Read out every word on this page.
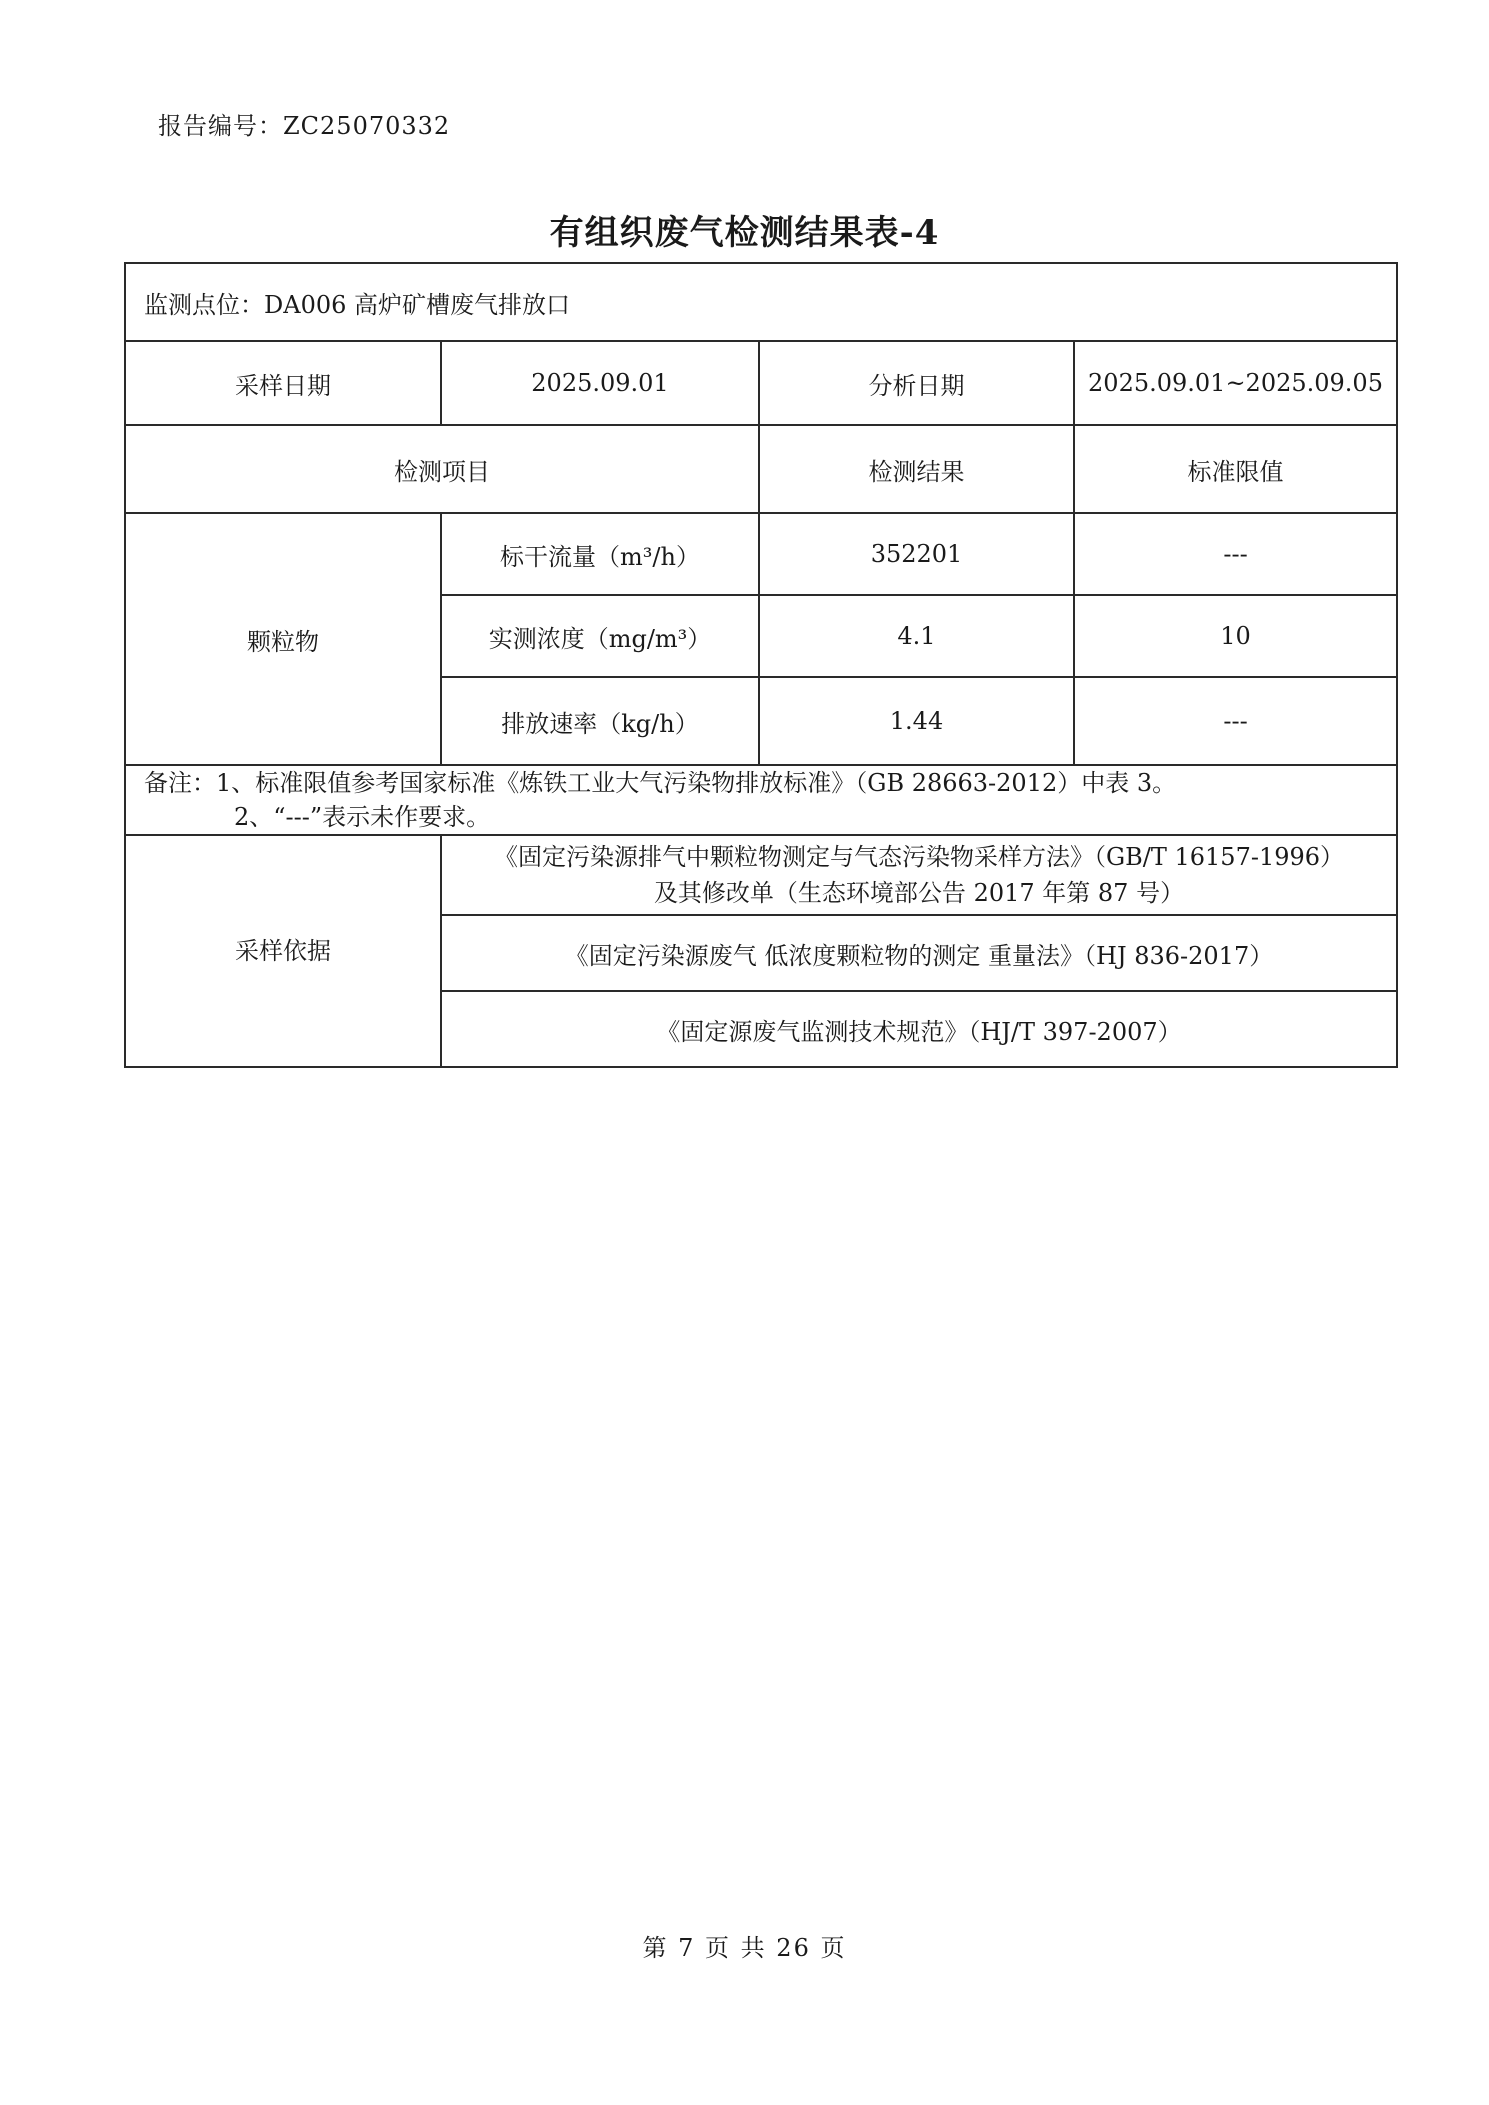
报告编号：ZC25070332
有组织废气检测结果表-4
监测点位：DA006 高炉矿槽废气排放口			
采样日期	2025.09.01	分析日期	2025.09.01~2025.09.05
检测项目		检测结果	标准限值
颗粒物	标干流量（m³/h）	352201	---
	实测浓度（mg/m³）	4.1	10
	排放速率（kg/h）	1.44	---

备注：1、标准限值参考国家标准《炼铁工业大气污染物排放标准》（GB 28663-2012）中表 3。
2、“---”表示未作要求。			

采样依据	《固定污染源排气中颗粒物测定与气态污染物采样方法》（GB/T 16157-1996）
及其修改单（生态环境部公告 2017 年第 87 号）		

	《固定污染源废气 低浓度颗粒物的测定 重量法》（HJ 836-2017）		
	《固定源废气监测技术规范》（HJ/T 397-2007）		
第 7 页 共 26 页
